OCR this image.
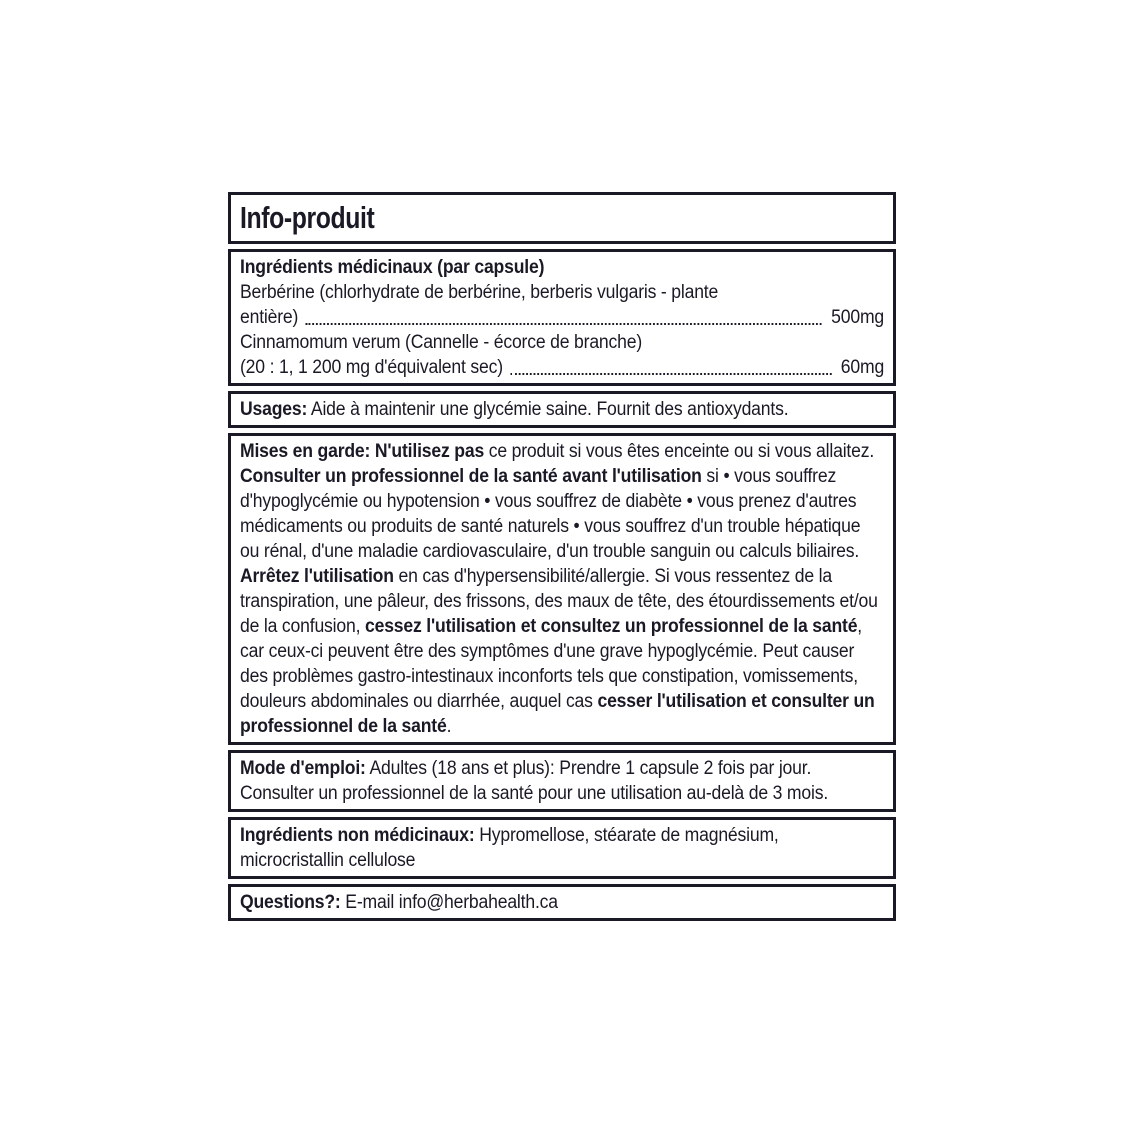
Info-produit
Ingrédients médicinaux (par capsule)
Berbérine (chlorhydrate de berbérine, berberis vulgaris - plante
entière)	500mg
Cinnamomum verum (Cannelle - écorce de branche)
(20 : 1, 1 200 mg d'équivalent sec)	60mg

Usages: Aide à maintenir une glycémie saine. Fournit des antioxydants.

Mises en garde: N'utilisez pas ce produit si vous êtes enceinte ou si vous allaitez. Consulter un professionnel de la santé avant l'utilisation si • vous souffrez d'hypoglycémie ou hypotension • vous souffrez de diabète • vous prenez d'autres médicaments ou produits de santé naturels • vous souffrez d'un trouble hépatique ou rénal, d'une maladie cardiovasculaire, d'un trouble sanguin ou calculs biliaires. Arrêtez l'utilisation en cas d'hypersensibilité/allergie. Si vous ressentez de la transpiration, une pâleur, des frissons, des maux de tête, des étourdissements et/ou de la confusion, cessez l'utilisation et consultez un professionnel de la santé, car ceux-ci peuvent être des symptômes d'une grave hypoglycémie. Peut causer des problèmes gastro-intestinaux inconforts tels que constipation, vomissements, douleurs abdominales ou diarrhée, auquel cas cesser l'utilisation et consulter un professionnel de la santé.

Mode d'emploi: Adultes (18 ans et plus): Prendre 1 capsule 2 fois par jour. Consulter un professionnel de la santé pour une utilisation au-delà de 3 mois.

Ingrédients non médicinaux: Hypromellose, stéarate de magnésium, microcristallin cellulose

Questions?: E-mail info@herbahealth.ca
